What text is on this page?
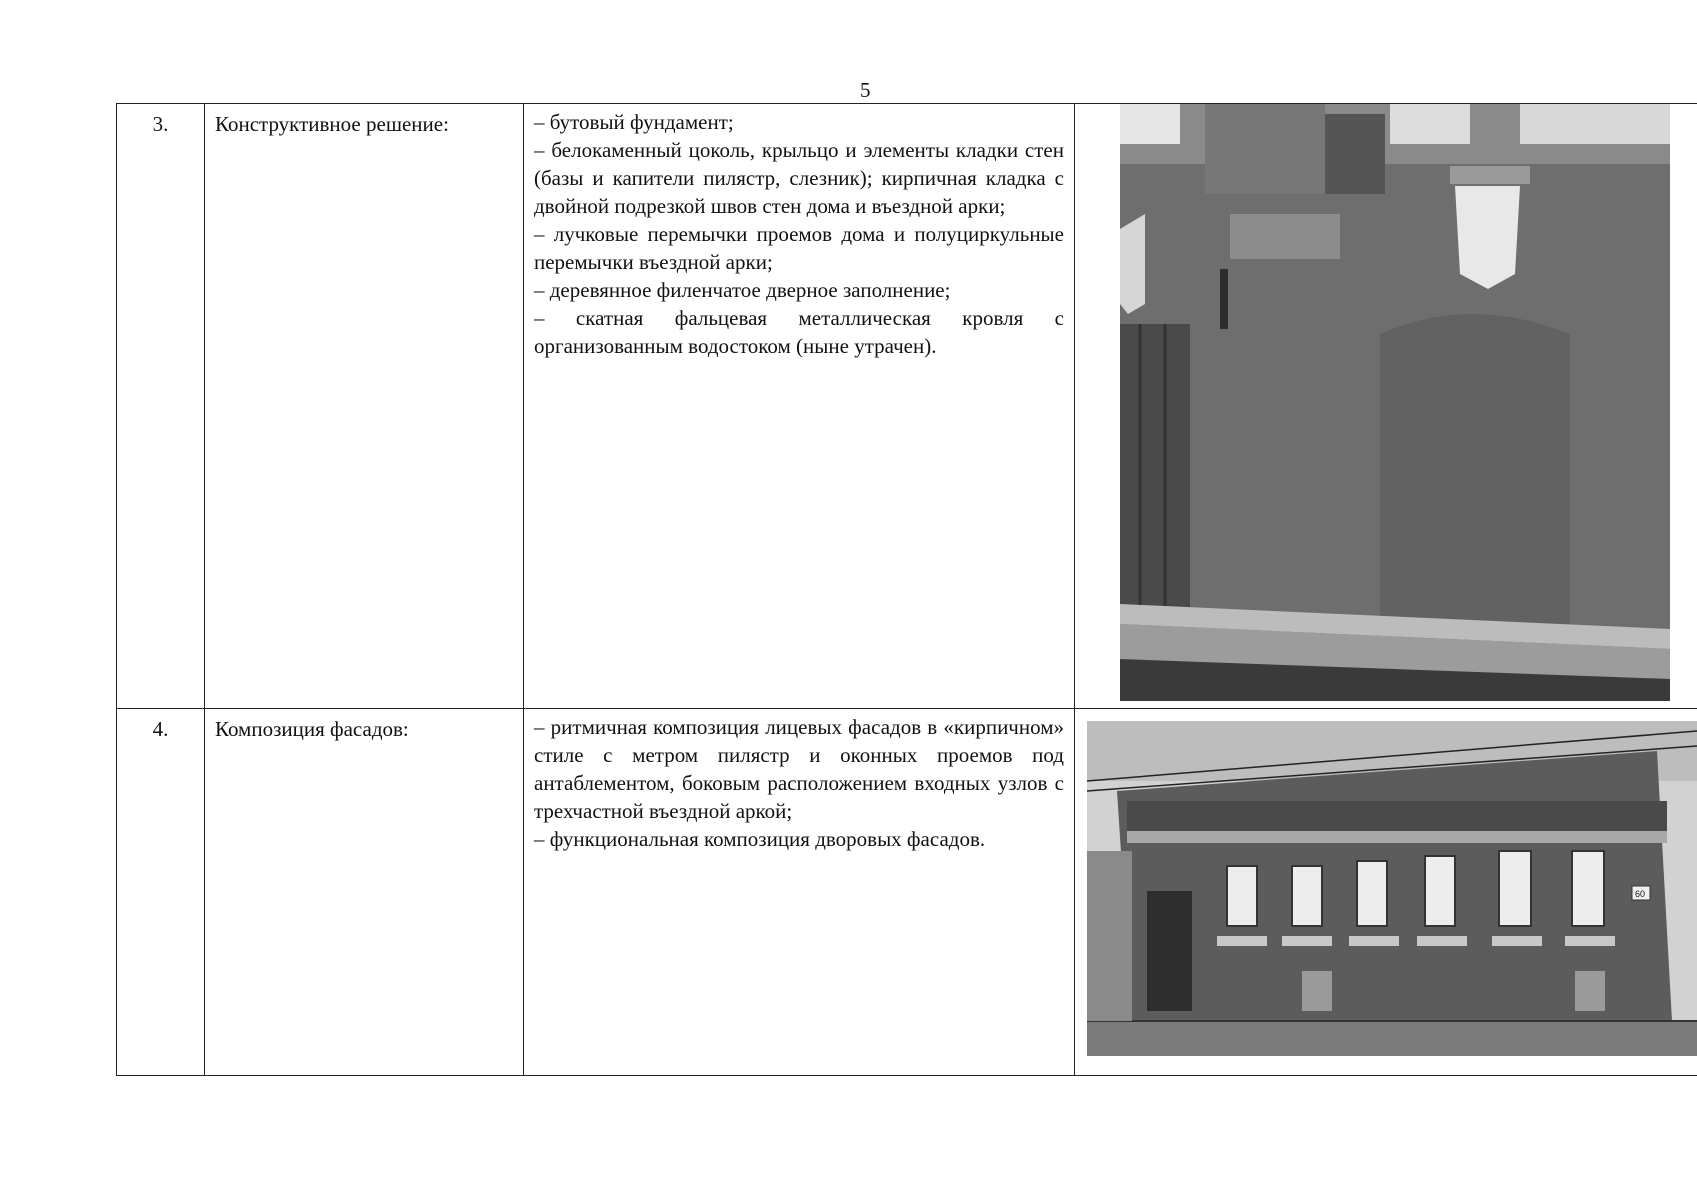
5
3.	Конструктивное решение:	– бутовый фундамент;

– белокаменный цоколь, крыльцо и элементы кладки стен (базы и капители пилястр, слезник); кирпичная кладка с двойной подрезкой швов стен дома и въездной арки;

– лучковые перемычки проемов дома и полуциркульные перемычки въездной арки;

– деревянное филенчатое дверное заполнение;

– скатная фальцевая металлическая кровля с организованным водостоком (ныне утрачен).

4.	Композиция фасадов:	– ритмичная композиция лицевых фасадов в «кирпичном» стиле с метром пилястр и оконных проемов под антаблементом, боковым расположением входных узлов с трехчастной въездной аркой;

– функциональная композиция дворовых фасадов.	60
